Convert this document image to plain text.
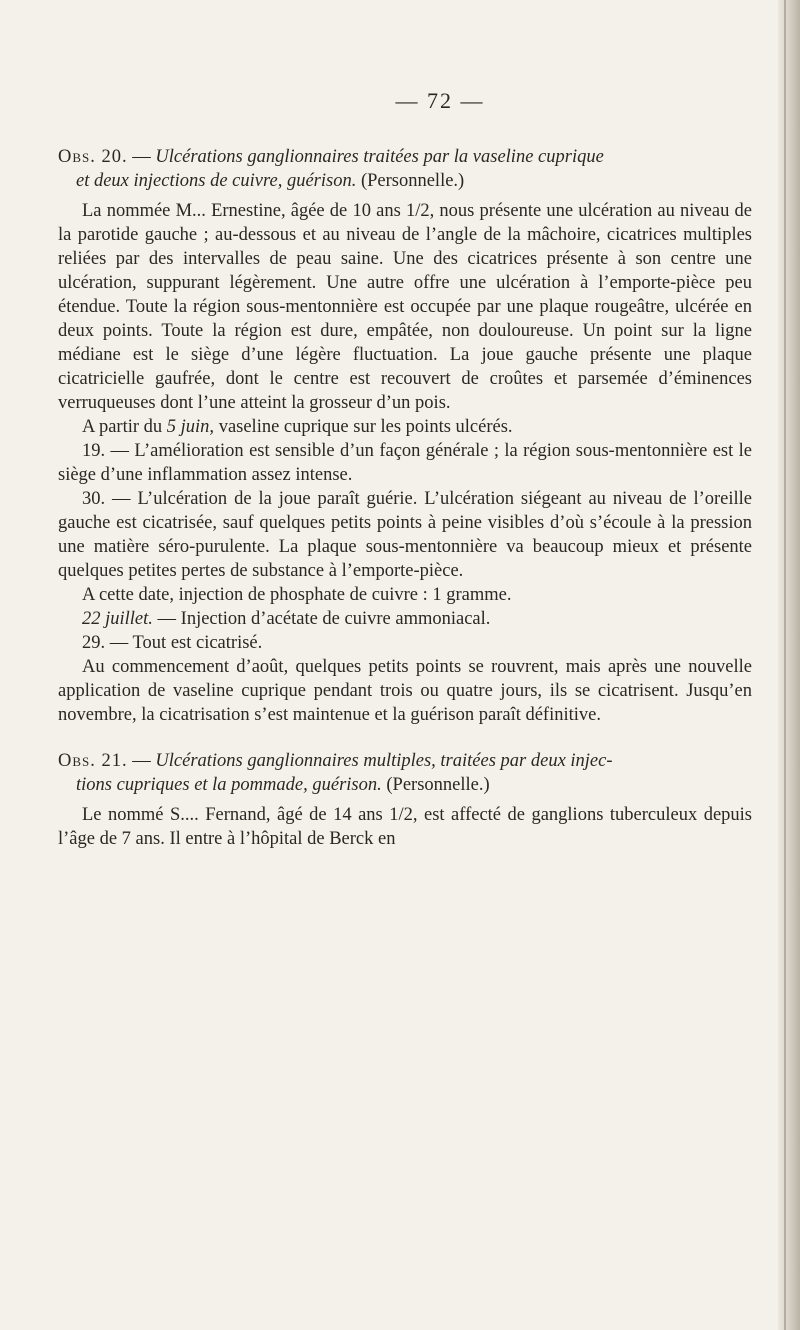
— 72 —
Obs. 20. — Ulcérations ganglionnaires traitées par la vaseline cuprique
et deux injections de cuivre, guérison. (Personnelle.)

La nommée M... Ernestine, âgée de 10 ans 1/2, nous présente une ulcération au niveau de la parotide gauche ; au-dessous et au niveau de l’angle de la mâchoire, cicatrices multiples reliées par des intervalles de peau saine. Une des cicatrices présente à son centre une ulcération, suppurant légèrement. Une autre offre une ulcération à l’emporte-pièce peu étendue. Toute la région sous-mentonnière est occupée par une plaque rougeâtre, ulcérée en deux points. Toute la région est dure, empâtée, non douloureuse. Un point sur la ligne médiane est le siège d’une légère fluctuation. La joue gauche présente une plaque cicatricielle gaufrée, dont le centre est recouvert de croûtes et parsemée d’éminences verruqueuses dont l’une atteint la grosseur d’un pois.

A partir du 5 juin, vaseline cuprique sur les points ulcérés.

19. — L’amélioration est sensible d’un façon générale ; la région sous-mentonnière est le siège d’une inflammation assez intense.

30. — L’ulcération de la joue paraît guérie. L’ulcération siégeant au niveau de l’oreille gauche est cicatrisée, sauf quelques petits points à peine visibles d’où s’écoule à la pression une matière séro-purulente. La plaque sous-mentonnière va beaucoup mieux et présente quelques petites pertes de substance à l’emporte-pièce.

A cette date, injection de phosphate de cuivre : 1 gramme.

22 juillet. — Injection d’acétate de cuivre ammoniacal.

29. — Tout est cicatrisé.

Au commencement d’août, quelques petits points se rouvrent, mais après une nouvelle application de vaseline cuprique pendant trois ou quatre jours, ils se cicatrisent. Jusqu’en novembre, la cicatrisation s’est maintenue et la guérison paraît définitive.

Obs. 21. — Ulcérations ganglionnaires multiples, traitées par deux injec-
tions cupriques et la pommade, guérison. (Personnelle.)

Le nommé S.... Fernand, âgé de 14 ans 1/2, est affecté de ganglions tuberculeux depuis l’âge de 7 ans. Il entre à l’hôpital de Berck en
